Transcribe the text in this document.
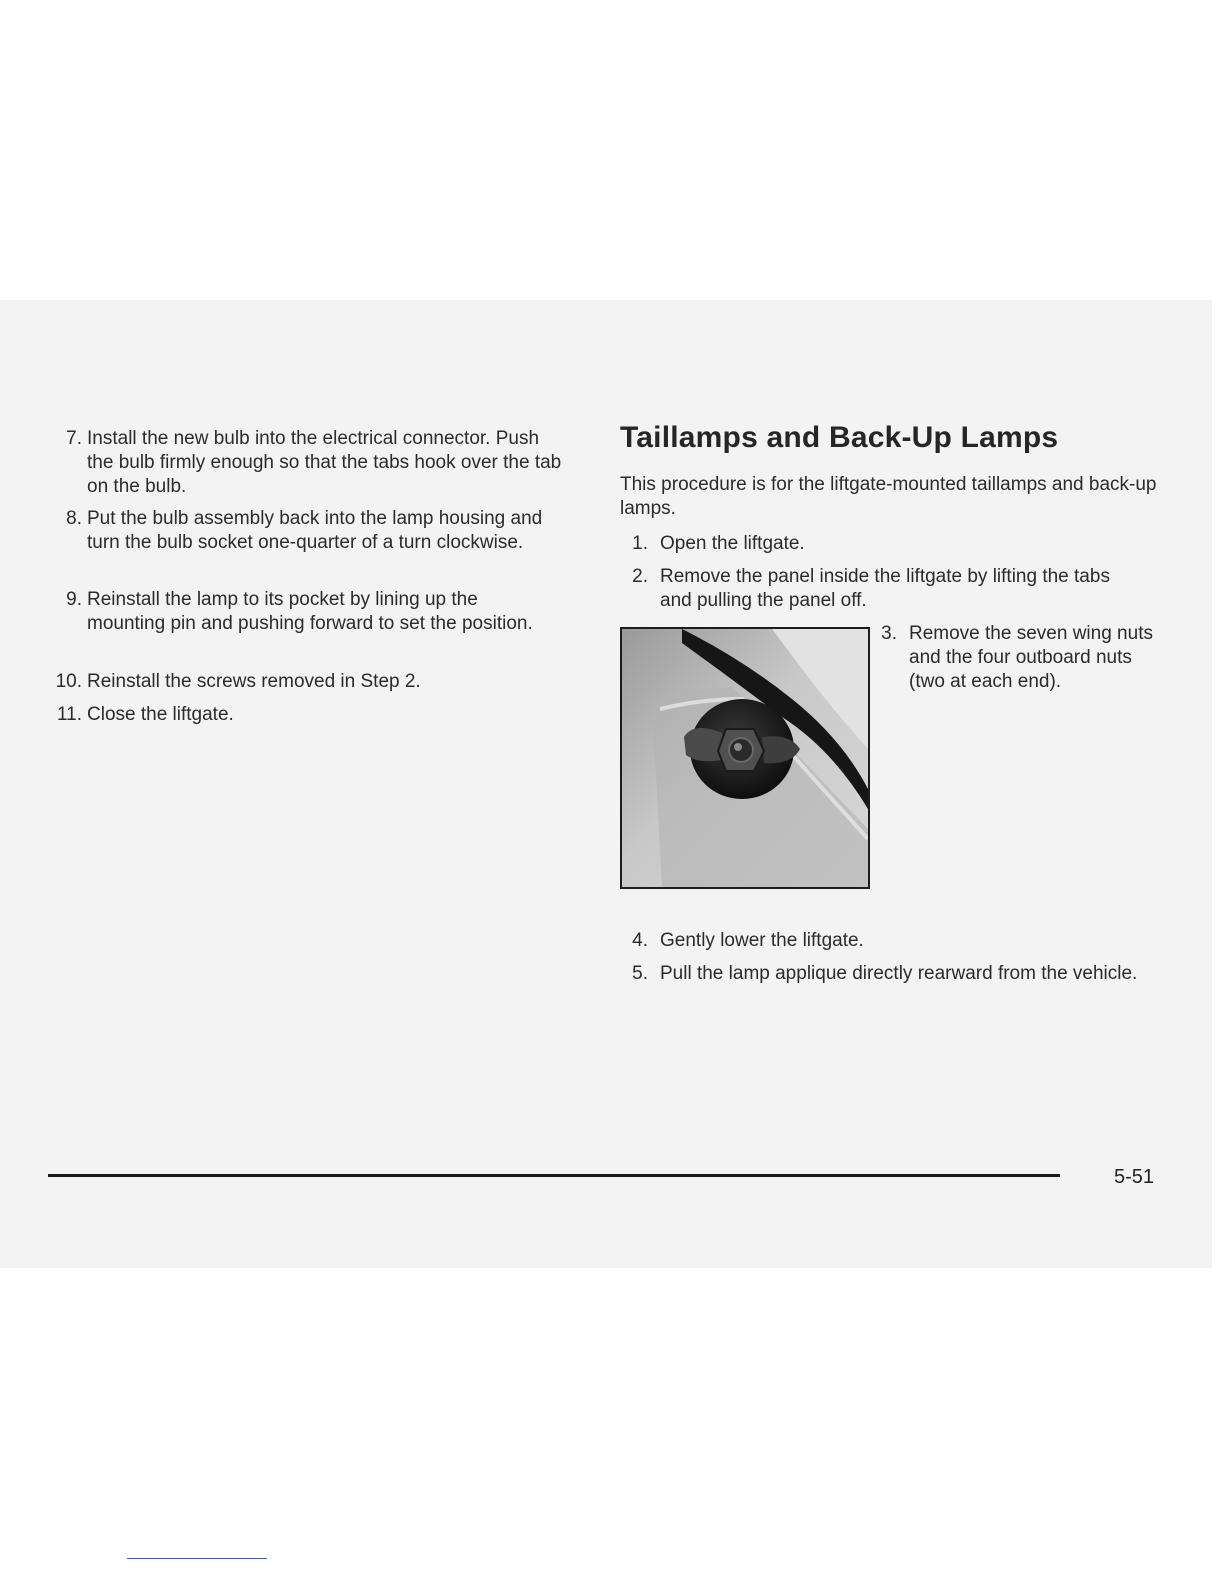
7. Install the new bulb into the electrical connector. Push the bulb firmly enough so that the tabs hook over the tab on the bulb.
8. Put the bulb assembly back into the lamp housing and turn the bulb socket one-quarter of a turn clockwise.
9. Reinstall the lamp to its pocket by lining up the mounting pin and pushing forward to set the position.
10. Reinstall the screws removed in Step 2.
11. Close the liftgate.
Taillamps and Back-Up Lamps
This procedure is for the liftgate-mounted taillamps and back-up lamps.
1. Open the liftgate.
2. Remove the panel inside the liftgate by lifting the tabs and pulling the panel off.
3. Remove the seven wing nuts and the four outboard nuts (two at each end).
4. Gently lower the liftgate.
5. Pull the lamp applique directly rearward from the vehicle.
5-51
